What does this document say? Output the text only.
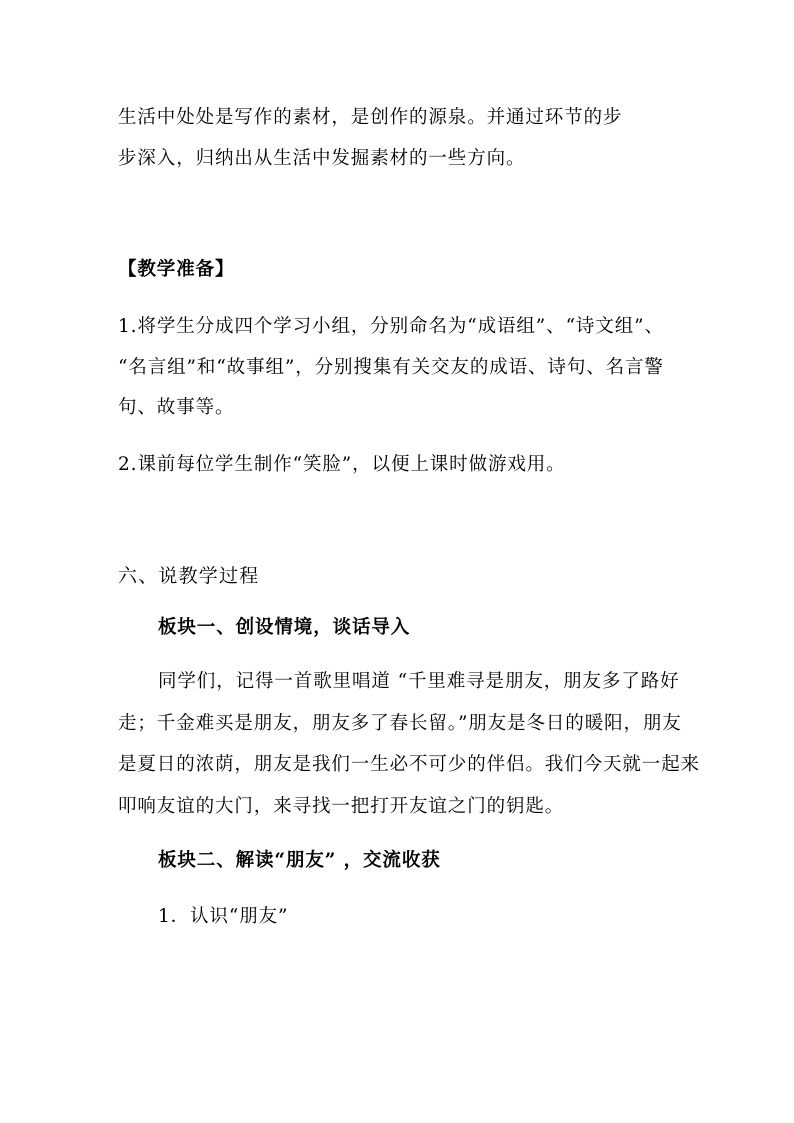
生活中处处是写作的素材，是创作的源泉。并通过环节的步
步深入，归纳出从生活中发掘素材的一些方向。
【教学准备】
1.将学生分成四个学习小组，分别命名为“成语组”、“诗文组”、
“名言组”和“故事组”，分别搜集有关交友的成语、诗句、名言警
句、故事等。
2.课前每位学生制作“笑脸”，以便上课时做游戏用。
六、说教学过程
板块一、创设情境，谈话导入
同学们，记得一首歌里唱道 “千里难寻是朋友，朋友多了路好
走；千金难买是朋友，朋友多了春长留。”朋友是冬日的暖阳，朋友
是夏日的浓荫，朋友是我们一生必不可少的伴侣。我们今天就一起来
叩响友谊的大门，来寻找一把打开友谊之门的钥匙。
板块二、解读“朋友” ，交流收获
1．认识“朋友”
